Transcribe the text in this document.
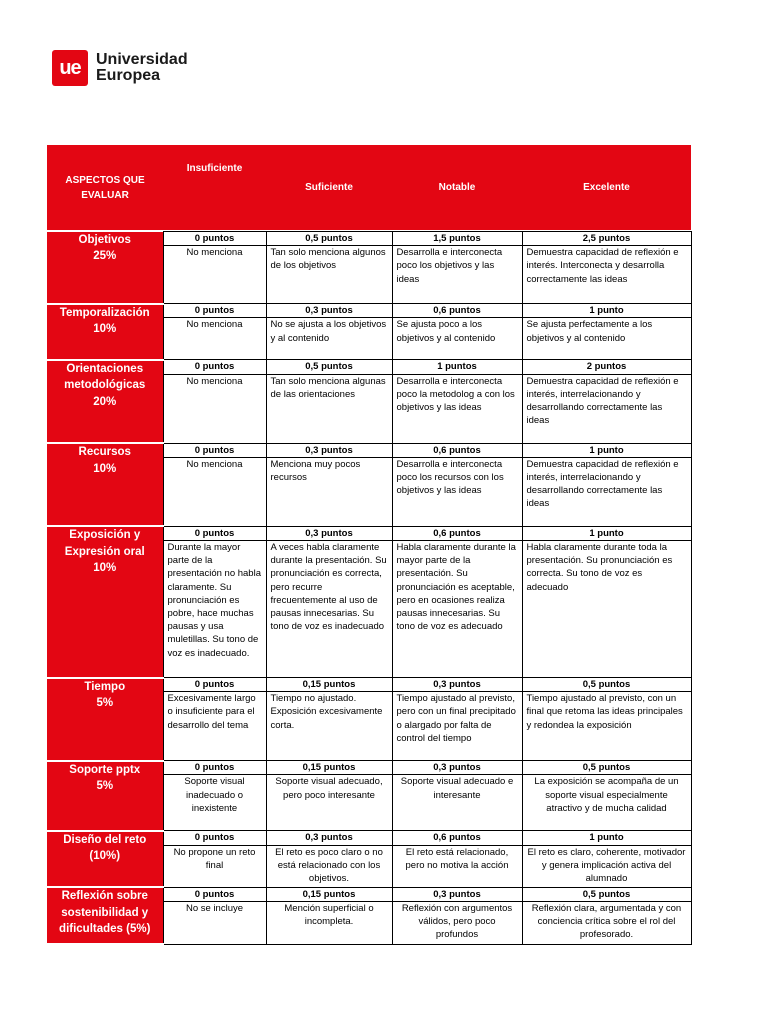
ue Universidad
Europea
ASPECTOS QUE EVALUAR	Insuficiente	Suficiente	Notable	Excelente

Objetivos
25%	0 puntos	0,5 puntos	1,5 puntos	2,5 puntos
	No menciona	Tan solo menciona algunos de los objetivos	Desarrolla e interconecta poco los objetivos y las ideas	Demuestra capacidad de reflexión e interés. Interconecta y desarrolla correctamente las ideas

Temporalización
10%	0 puntos	0,3 puntos	0,6 puntos	1 punto
	No menciona	No se ajusta a los objetivos y al contenido	Se ajusta poco a los objetivos y al contenido	Se ajusta perfectamente a los objetivos y al contenido

Orientaciones metodológicas
20%	0 puntos	0,5 puntos	1 puntos	2 puntos
	No menciona	Tan solo menciona algunas de las orientaciones	Desarrolla e interconecta poco la metodolog a con los objetivos y las ideas	Demuestra capacidad de reflexión e interés, interrelacionando y desarrollando correctamente las ideas

Recursos
10%	0 puntos	0,3 puntos	0,6 puntos	1 punto
	No menciona	Menciona muy pocos recursos	Desarrolla e interconecta poco los recursos con los objetivos y las ideas	Demuestra capacidad de reflexión e interés, interrelacionando y desarrollando correctamente las ideas

Exposición y Expresión oral
10%	0 puntos	0,3 puntos	0,6 puntos	1 punto
	Durante la mayor parte de la presentación no habla claramente. Su pronunciación es pobre, hace muchas pausas y usa muletillas. Su tono de voz es inadecuado.	A veces habla claramente durante la presentación. Su pronunciación es correcta, pero recurre frecuentemente al uso de pausas innecesarias. Su tono de voz es inadecuado	Habla claramente durante la mayor parte de la presentación. Su pronunciación es aceptable, pero en ocasiones realiza pausas innecesarias. Su tono de voz es adecuado	Habla claramente durante toda la presentación. Su pronunciación es correcta. Su tono de voz es adecuado

Tiempo
5%	0 puntos	0,15 puntos	0,3 puntos	0,5 puntos
	Excesivamente largo o insuficiente para el desarrollo del tema	Tiempo no ajustado. Exposición excesivamente corta.	Tiempo ajustado al previsto, pero con un final precipitado o alargado por falta de control del tiempo	Tiempo ajustado al previsto, con un final que retoma las ideas principales y redondea la exposición

Soporte pptx
5%	0 puntos	0,15 puntos	0,3 puntos	0,5 puntos
	Soporte visual inadecuado o inexistente	Soporte visual adecuado, pero poco interesante	Soporte visual adecuado e interesante	La exposición se acompaña de un soporte visual especialmente atractivo y de mucha calidad

Diseño del reto
(10%)	0 puntos	0,3 puntos	0,6 puntos	1 punto
	No propone un reto final	El reto es poco claro o no está relacionado con los objetivos.	El reto está relacionado, pero no motiva la acción	El reto es claro, coherente, motivador y genera implicación activa del alumnado

Reflexión sobre sostenibilidad y dificultades (5%)	0 puntos	0,15 puntos	0,3 puntos	0,5 puntos
	No se incluye	Mención superficial o incompleta.	Reflexión con argumentos válidos, pero poco profundos	Reflexión clara, argumentada y con conciencia crítica sobre el rol del profesorado.
